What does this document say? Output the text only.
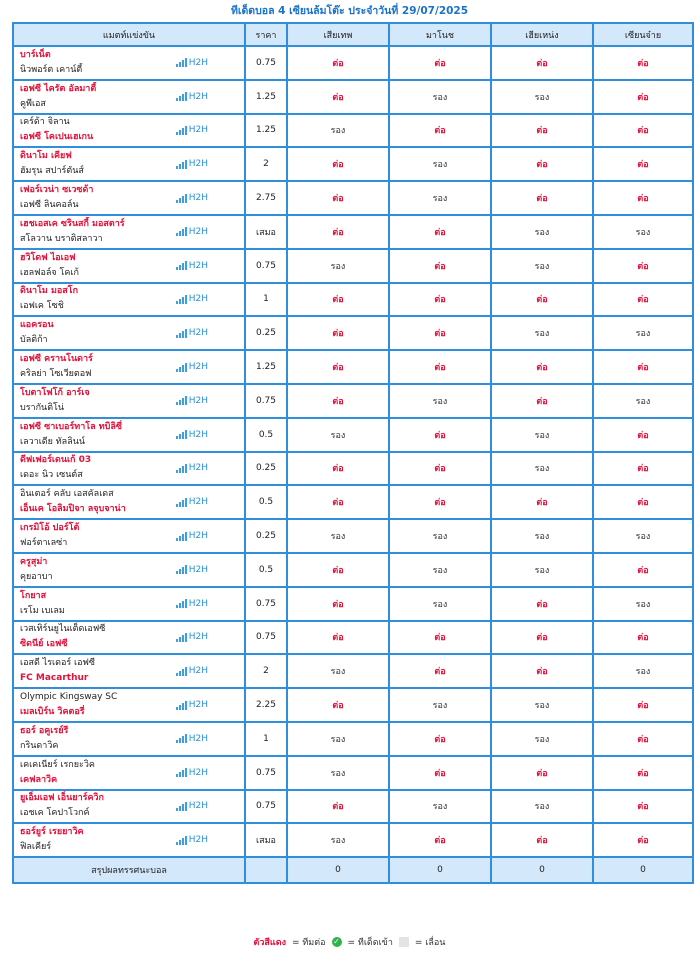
ทีเด็ดบอล 4 เซียนล้มโต๊ะ ประจำวันที่ 29/07/2025
แมตท์แข่งขัน	ราคา	เสียเทพ	มาโนช	เฮียเหน่ง	เซียนจ๋าย

บาร์เน็ต
นิวพอร์ต เคาน์ตี้
H2H	0.75	ต่อ	ต่อ	ต่อ	ต่อ

เอฟซี ไครัต อัลมาตี้
คูพีเอส
H2H	1.25	ต่อ	รอง	รอง	ต่อ

เคร์ด้า จิลาน
เอฟซี โคเปนเฮเกน
H2H	1.25	รอง	ต่อ	ต่อ	ต่อ

ดินาโม เคียฟ
ฮัมรุน สปาร์ตันส์
H2H	2	ต่อ	รอง	ต่อ	ต่อ

เฟอร์เวน่า ซเวซด้า
เอฟซี ลินคอล์น
H2H	2.75	ต่อ	รอง	ต่อ	ต่อ

เฮชเอสเค ซรินสกี้ มอสตาร์
สโลวาน บราติสลาวา
H2H	เสมอ	ต่อ	ต่อ	รอง	รอง

ฮวิโดฟ ไอเอฟ
เฮลฟอล์จ โคเก้
H2H	0.75	รอง	ต่อ	รอง	ต่อ

ดินาโม มอสโก
เอฟเค โซชิ
H2H	1	ต่อ	ต่อ	ต่อ	ต่อ

แอครอน
บัลติก้า
H2H	0.25	ต่อ	ต่อ	รอง	รอง

เอฟซี ครานโนดาร์
คริลย่า โซเวียตอฟ
H2H	1.25	ต่อ	ต่อ	ต่อ	ต่อ

โบตาโฟโก้ อาร์เจ
บรากันติโน่
H2H	0.75	ต่อ	รอง	ต่อ	รอง

เอฟซี ซาเบอร์ทาโล ทบิลิซี่
เลวาเดีย ทัลลินน์
H2H	0.5	รอง	ต่อ	รอง	ต่อ

ดีฟเฟอร์เดนเก้ 03
เดอะ นิว เซนต์ส
H2H	0.25	ต่อ	ต่อ	รอง	ต่อ

อินเตอร์ คลับ เอสคัลเดส
เอ็นเค โอลิมปิจา ลจุบจาน่า
H2H	0.5	ต่อ	ต่อ	ต่อ	ต่อ

เกรมิโอ้ ปอร์โต้
ฟอร์ตาเลซ่า
H2H	0.25	รอง	รอง	รอง	รอง

ครูสุม่า
คุยอาบา
H2H	0.5	ต่อ	รอง	รอง	ต่อ

โกยาส
เรโม เบเลม
H2H	0.75	ต่อ	รอง	ต่อ	รอง

เวสเทิร์นยูไนเต็ดเอฟซี
ซิดนีย์ เอฟซี
H2H	0.75	ต่อ	ต่อ	ต่อ	ต่อ

เอสดี ไรเดอร์ เอฟซี
FC Macarthur
H2H	2	รอง	ต่อ	ต่อ	รอง

Olympic Kingsway SC
เมลเบิร์น วิคตอรี่
H2H	2.25	ต่อ	รอง	รอง	ต่อ

ธอร์ อคูเรย์รี
กรินดาวิค
H2H	1	รอง	ต่อ	รอง	ต่อ

เคเคเนียร์ เรกยะวิค
เคฟลาวิค
H2H	0.75	รอง	ต่อ	ต่อ	ต่อ

ยูเอ็มเอฟ เอ็นยาร์ควิก
เอชเค โคปาโวกค์
H2H	0.75	ต่อ	รอง	รอง	ต่อ

ธอร์ยูร์ เรยยาวิค
ฟิลเคียร์
H2H	เสมอ	รอง	ต่อ	ต่อ	ต่อ
สรุปผลทรรศนะบอล		0	0	0	0
ตัวสีแดง = ทีมต่อ ✓ = ทีเด็ดเข้า = เลื่อน
